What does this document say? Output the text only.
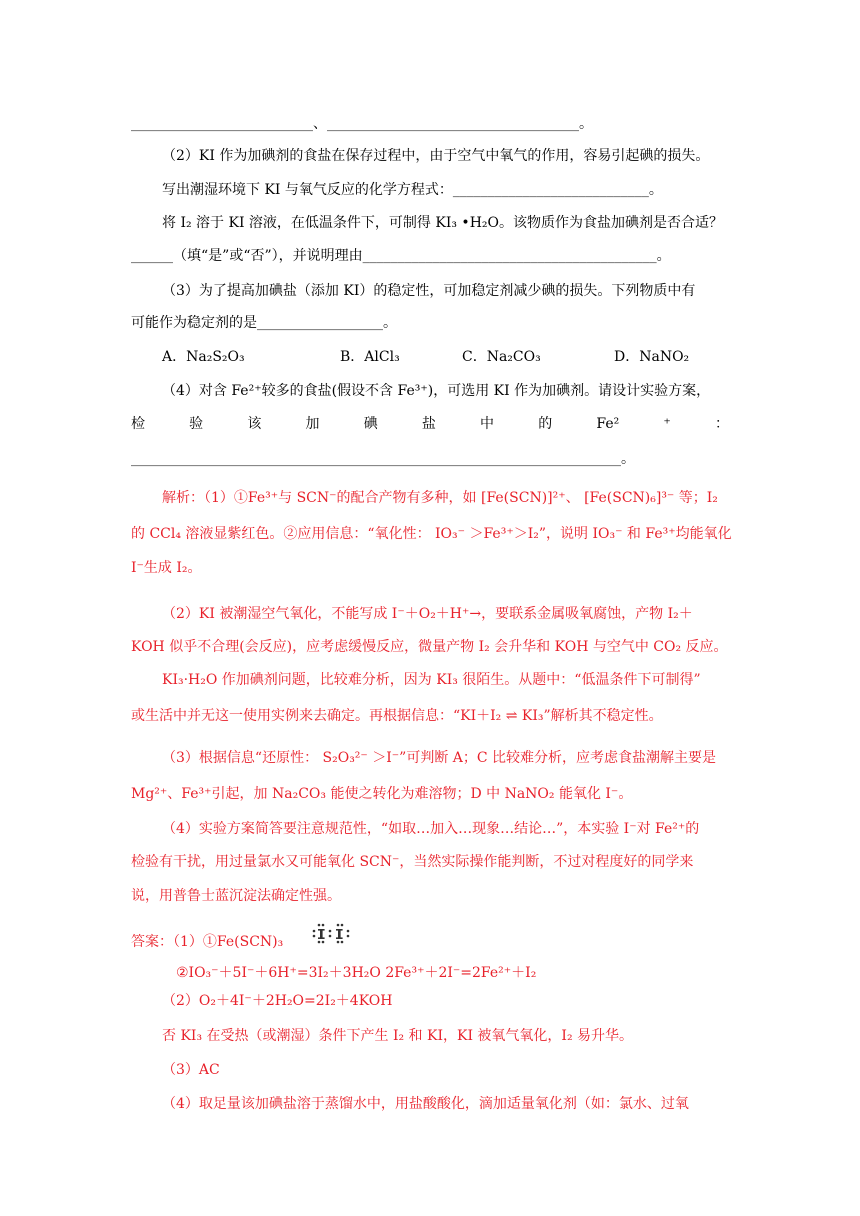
__________________________、____________________________________。
（2）KI 作为加碘剂的食盐在保存过程中，由于空气中氧气的作用，容易引起碘的损失。
写出潮湿环境下 KI 与氧气反应的化学方程式：____________________________。
将 I₂ 溶于 KI 溶液，在低温条件下，可制得 KI₃ •H₂O。该物质作为食盐加碘剂是否合适？
______（填“是”或“否”），并说明理由__________________________________________。
（3）为了提高加碘盐（添加 KI）的稳定性，可加稳定剂减少碘的损失。下列物质中有
可能作为稳定剂的是__________________。
A．Na₂S₂O₃	B．AlCl₃	C．Na₂CO₃	D．NaNO₂
（4）对含 Fe²⁺较多的食盐(假设不含 Fe³⁺)，可选用 KI 作为加碘剂。请设计实验方案，
检	验	该	加	碘	盐	中	的	Fe²	⁺	：
______________________________________________________________________。
解析：（1）①Fe³⁺与 SCN⁻的配合产物有多种，如 [Fe(SCN)]²⁺、 [Fe(SCN)₆]³⁻ 等；I₂
的 CCl₄ 溶液显紫红色。②应用信息：“氧化性： IO₃⁻ ＞Fe³⁺＞I₂”，说明 IO₃⁻ 和 Fe³⁺均能氧化
I⁻生成 I₂。
（2）KI 被潮湿空气氧化，不能写成 I⁻＋O₂＋H⁺→，要联系金属吸氧腐蚀，产物 I₂＋
KOH 似乎不合理(会反应)，应考虑缓慢反应，微量产物 I₂ 会升华和 KOH 与空气中 CO₂ 反应。
KI₃·H₂O 作加碘剂问题，比较难分析，因为 KI₃ 很陌生。从题中：“低温条件下可制得”
或生活中并无这一使用实例来去确定。再根据信息：“KI＋I₂ ⇌ KI₃”解析其不稳定性。
（3）根据信息“还原性： S₂O₃²⁻ ＞I⁻”可判断 A；C 比较难分析，应考虑食盐潮解主要是
Mg²⁺、Fe³⁺引起，加 Na₂CO₃ 能使之转化为难溶物；D 中 NaNO₂ 能氧化 I⁻。
（4）实验方案简答要注意规范性，“如取…加入…现象…结论…”，本实验 I⁻对 Fe²⁺的
检验有干扰，用过量氯水又可能氧化 SCN⁻，当然实际操作能判断，不过对程度好的同学来
说，用普鲁士蓝沉淀法确定性强。
答案：（1）①Fe(SCN)₃
②IO₃⁻＋5I⁻＋6H⁺=3I₂＋3H₂O 2Fe³⁺＋2I⁻=2Fe²⁺＋I₂
（2）O₂＋4I⁻＋2H₂O=2I₂＋4KOH
否 KI₃ 在受热（或潮湿）条件下产生 I₂ 和 KI，KI 被氧气氧化，I₂ 易升华。
（3）AC
（4）取足量该加碘盐溶于蒸馏水中，用盐酸酸化，滴加适量氧化剂（如：氯水、过氧
